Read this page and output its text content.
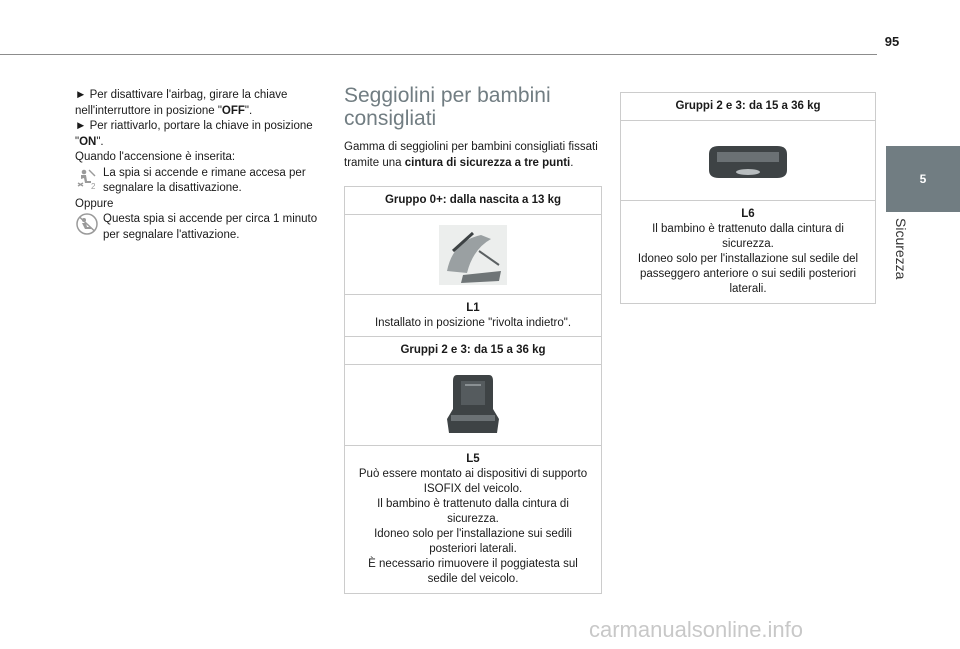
95
5
Sicurezza

► Per disattivare l'airbag, girare la chiave nell'interruttore in posizione "OFF".

► Per riattivarlo, portare la chiave in posizione "ON".

Quando l'accensione è inserita:

2
La spia si accende e rimane accesa per segnalare la disattivazione.

Oppure

Questa spia si accende per circa 1 minuto per segnalare l'attivazione.
Seggiolini per bambini consigliati

Gamma di seggiolini per bambini consigliati fissati tramite una cintura di sicurezza a tre punti.

Gruppo 0+: dalla nascita a 13 kg
L1
Installato in posizione "rivolta indietro".
Gruppi 2 e 3: da 15 a 36 kg
L5
Può essere montato ai dispositivi di supporto ISOFIX del veicolo.
Il bambino è trattenuto dalla cintura di sicurezza.
Idoneo solo per l'installazione sui sedili posteriori laterali.
È necessario rimuovere il poggiatesta sul sedile del veicolo.
Gruppi 2 e 3: da 15 a 36 kg
L6
Il bambino è trattenuto dalla cintura di sicurezza.
Idoneo solo per l'installazione sul sedile del passeggero anteriore o sui sedili posteriori laterali.
carmanualsonline.info
